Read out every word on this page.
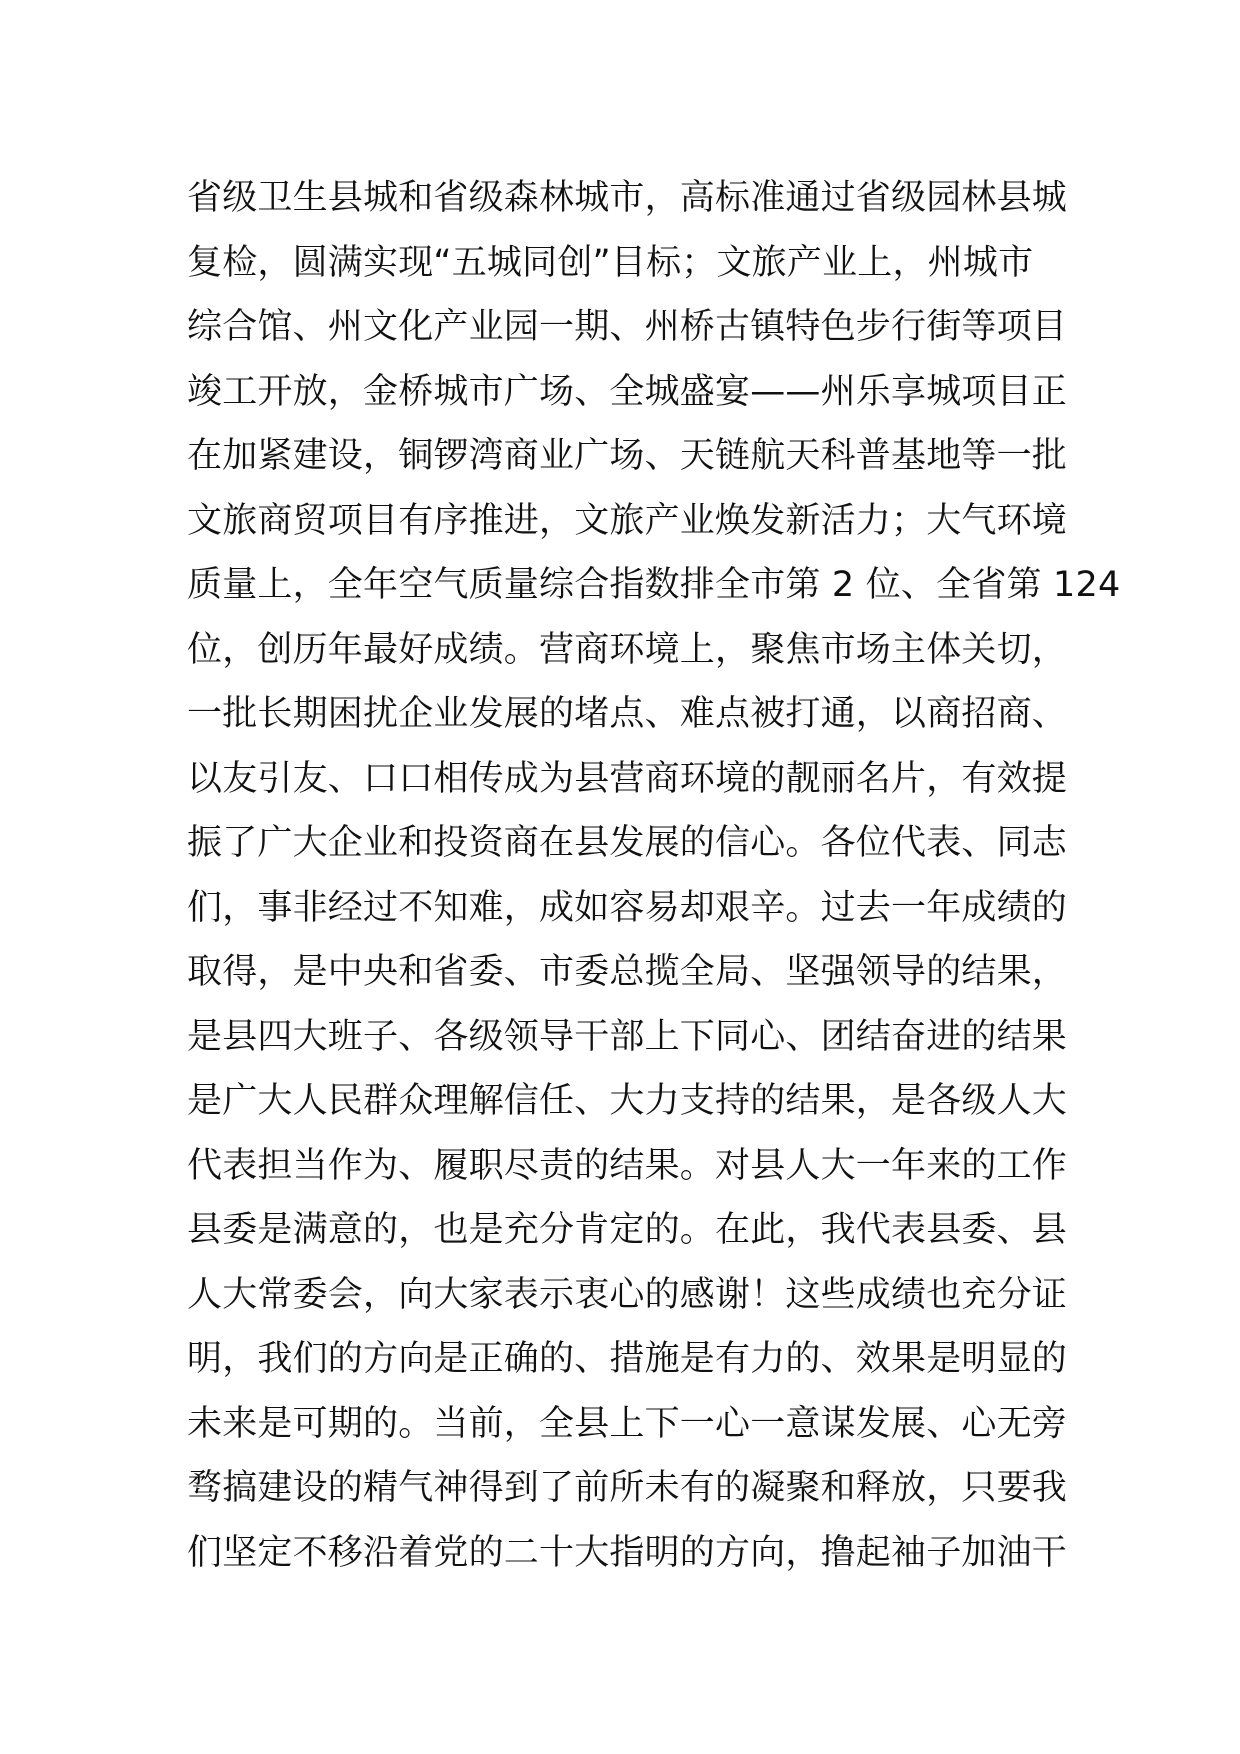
省级卫生县城和省级森林城市，高标准通过省级园林县城
复检，圆满实现“五城同创”目标；文旅产业上，州城市
综合馆、州文化产业园一期、州桥古镇特色步行街等项目
竣工开放，金桥城市广场、全城盛宴——州乐享城项目正
在加紧建设，铜锣湾商业广场、天链航天科普基地等一批
文旅商贸项目有序推进，文旅产业焕发新活力；大气环境
质量上，全年空气质量综合指数排全市第 2 位、全省第 124
位，创历年最好成绩。营商环境上，聚焦市场主体关切，
一批长期困扰企业发展的堵点、难点被打通，以商招商、
以友引友、口口相传成为县营商环境的靓丽名片，有效提
振了广大企业和投资商在县发展的信心。各位代表、同志
们，事非经过不知难，成如容易却艰辛。过去一年成绩的
取得，是中央和省委、市委总揽全局、坚强领导的结果，
是县四大班子、各级领导干部上下同心、团结奋进的结果
是广大人民群众理解信任、大力支持的结果，是各级人大
代表担当作为、履职尽责的结果。对县人大一年来的工作
县委是满意的，也是充分肯定的。在此，我代表县委、县
人大常委会，向大家表示衷心的感谢！这些成绩也充分证
明，我们的方向是正确的、措施是有力的、效果是明显的
未来是可期的。当前，全县上下一心一意谋发展、心无旁
骛搞建设的精气神得到了前所未有的凝聚和释放，只要我
们坚定不移沿着党的二十大指明的方向，撸起袖子加油干
